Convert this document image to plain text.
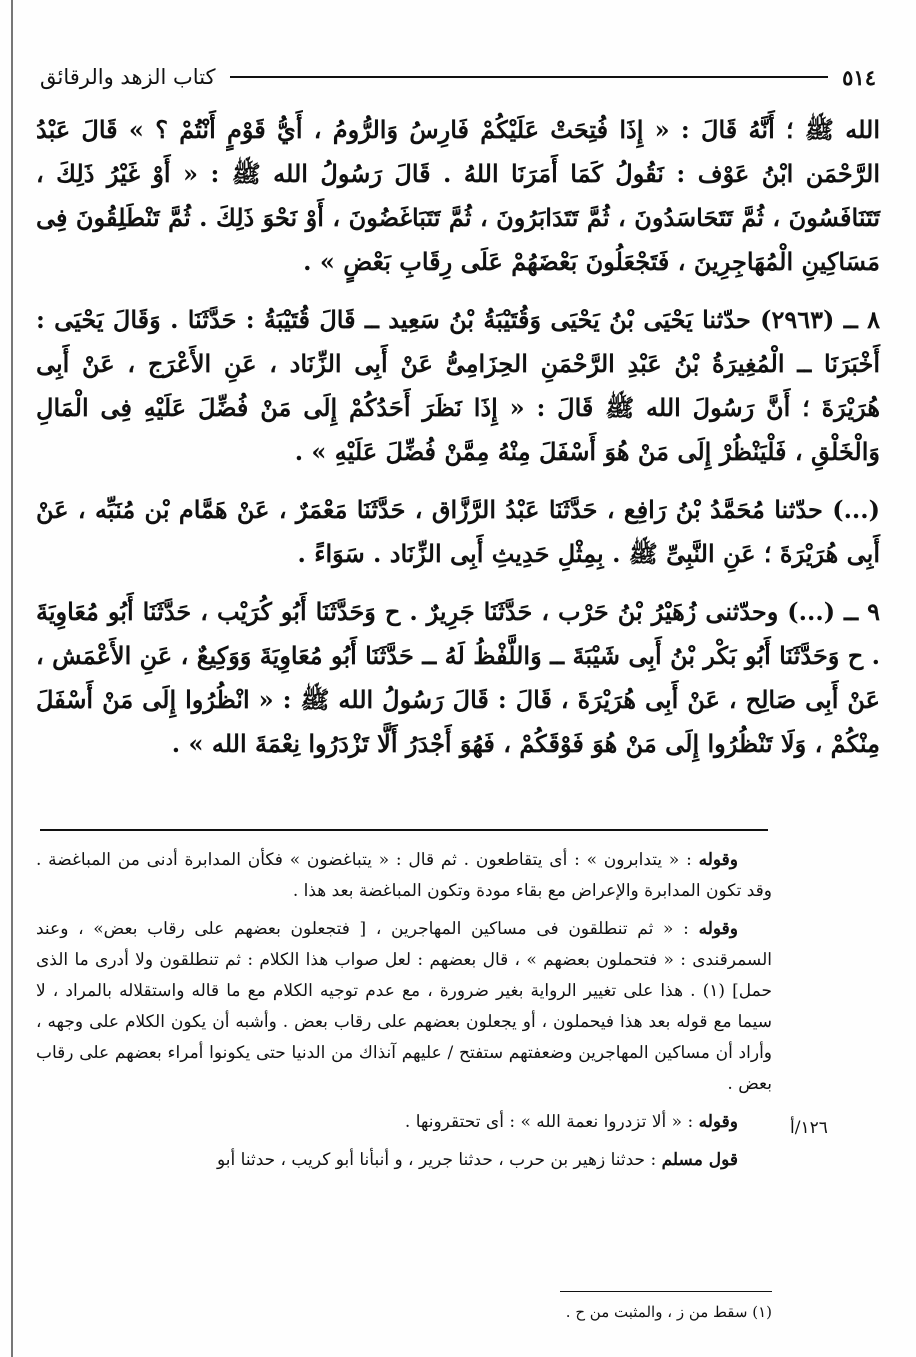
٥١٤
كتاب الزهد والرقائق

الله ﷺ ؛ أَنَّهُ قَالَ : « إِذَا فُتِحَتْ عَلَيْكُمْ فَارِسُ وَالرُّومُ ، أَيُّ قَوْمٍ أَنْتُمْ ؟ » قَالَ عَبْدُ الرَّحْمَن ابْنُ عَوْف : نَقُولُ كَمَا أَمَرَنَا اللهُ . قَالَ رَسُولُ الله ﷺ : « أَوْ غَيْرُ ذَلِكَ ، تَتَنَافَسُونَ ، ثُمَّ تَتَحَاسَدُونَ ، ثُمَّ تَتَدَابَرُونَ ، ثُمَّ تَتَبَاغَضُونَ ، أَوْ نَحْوَ ذَلِكَ . ثُمَّ تَنْطَلِقُونَ فِى مَسَاكِينِ الْمُهَاجِرِينَ ، فَتَجْعَلُونَ بَعْضَهُمْ عَلَى رِقَابِ بَعْضٍ » .

٨ ــ (٢٩٦٣) حدّثنا يَحْيَى بْنُ يَحْيَى وَقُتَيْبَةُ بْنُ سَعِيد ــ قَالَ قُتَيْبَةُ : حَدَّثَنَا . وَقَالَ يَحْيَى : أَخْبَرَنَا ــ الْمُغِيرَةُ بْنُ عَبْدِ الرَّحْمَنِ الحِزَامِىُّ عَنْ أَبِى الزِّنَاد ، عَنِ الأَعْرَج ، عَنْ أَبِى هُرَيْرَةَ ؛ أَنَّ رَسُولَ الله ﷺ قَالَ : « إِذَا نَظَرَ أَحَدُكُمْ إِلَى مَنْ فُضِّلَ عَلَيْهِ فِى الْمَالِ وَالْخَلْقِ ، فَلْيَنْظُرْ إِلَى مَنْ هُوَ أَسْفَلَ مِنْهُ مِمَّنْ فُضِّلَ عَلَيْهِ » .

(...) حدّثنا مُحَمَّدُ بْنُ رَافِع ، حَدَّثَنَا عَبْدُ الرَّزَّاق ، حَدَّثَنَا مَعْمَرٌ ، عَنْ هَمَّام بْن مُنَبِّه ، عَنْ أَبِى هُرَيْرَةَ ؛ عَنِ النَّبِىِّ ﷺ . بِمِثْلِ حَدِيثِ أَبِى الزِّنَاد . سَوَاءً .

٩ ــ (...) وحدّثنى زُهَيْرُ بْنُ حَرْب ، حَدَّثَنَا جَرِيرٌ . ح وَحَدَّثَنَا أَبُو كُرَيْب ، حَدَّثَنَا أَبُو مُعَاوِيَةَ . ح وَحَدَّثَنَا أَبُو بَكْر بْنُ أَبِى شَيْبَةَ ــ وَاللَّفْظُ لَهُ ــ حَدَّثَنَا أَبُو مُعَاوِيَةَ وَوَكِيعٌ ، عَنِ الأَعْمَش ، عَنْ أَبِى صَالِح ، عَنْ أَبِى هُرَيْرَةَ ، قَالَ : قَالَ رَسُولُ الله ﷺ : « انْظُرُوا إِلَى مَنْ أَسْفَلَ مِنْكُمْ ، وَلَا تَنْظُرُوا إِلَى مَنْ هُوَ فَوْقَكُمْ ، فَهُوَ أَجْدَرُ أَلَّا تَزْدَرُوا نِعْمَةَ الله » .

وقوله : « يتدابرون » : أى يتقاطعون . ثم قال : « يتباغضون » فكأن المدابرة أدنى من المباغضة . وقد تكون المدابرة والإعراض مع بقاء مودة وتكون المباغضة بعد هذا .

وقوله : « ثم تنطلقون فى مساكين المهاجرين ، [ فتجعلون بعضهم على رقاب بعض» ، وعند السمرقندى : « فتحملون بعضهم » ، قال بعضهم : لعل صواب هذا الكلام : ثم تنطلقون ولا أدرى ما الذى حمل] (١) . هذا على تغيير الرواية بغير ضرورة ، مع عدم توجيه الكلام مع ما قاله واستقلاله بالمراد ، لا سيما مع قوله بعد هذا فيحملون ، أو يجعلون بعضهم على رقاب بعض . وأشبه أن يكون الكلام على وجهه ، وأراد أن مساكين المهاجرين وضعفتهم ستفتح / عليهم آنذاك من الدنيا حتى يكونوا أمراء بعضهم على رقاب بعض .

وقوله : « ألا تزدروا نعمة الله » : أى تحتقرونها .

قول مسلم : حدثنا زهير بن حرب ، حدثنا جرير ، و أنبأنا أبو كريب ، حدثنا أبو

١٢٦/أ
(١) سقط من ز ، والمثبت من ح .
